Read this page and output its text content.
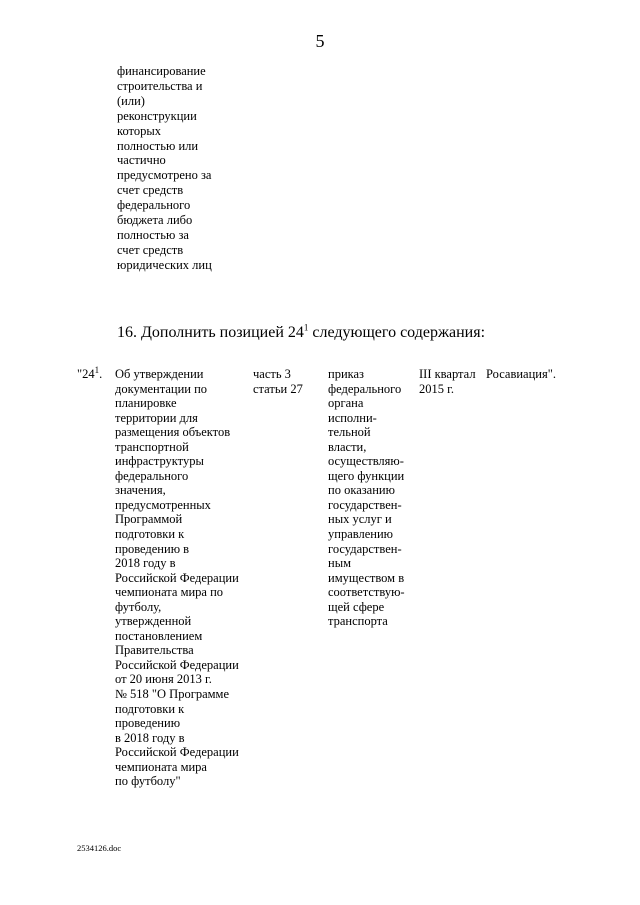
5
финансирование
строительства и
(или)
реконструкции
которых
полностью или
частично
предусмотрено за
счет средств
федерального
бюджета либо
полностью за
счет средств
юридических лиц
16. Дополнить позицией $24^1$ следующего содержания:
"$24^1$. Об утверждении
документации по
планировке
территории для
размещения объектов
транспортной
инфраструктуры
федерального
значения,
предусмотренных
Программой
подготовки к
проведению в
2018 году в
Российской Федерации
чемпионата мира по
футболу,
утвержденной
постановлением
Правительства
Российской Федерации
от 20 июня 2013 г.
№ 518 "О Программе
подготовки к
проведению
в 2018 году в
Российской Федерации
чемпионата мира
по футболу"
часть 3
статьи 27
приказ
федерального
органа
исполни-
тельной
власти,
осуществляю-
щего функции
по оказанию
государствен-
ных услуг и
управлению
государствен-
ным
имуществом в
соответствую-
щей сфере
транспорта
III квартал
2015 г.
Росавиация".
2534126.doc
